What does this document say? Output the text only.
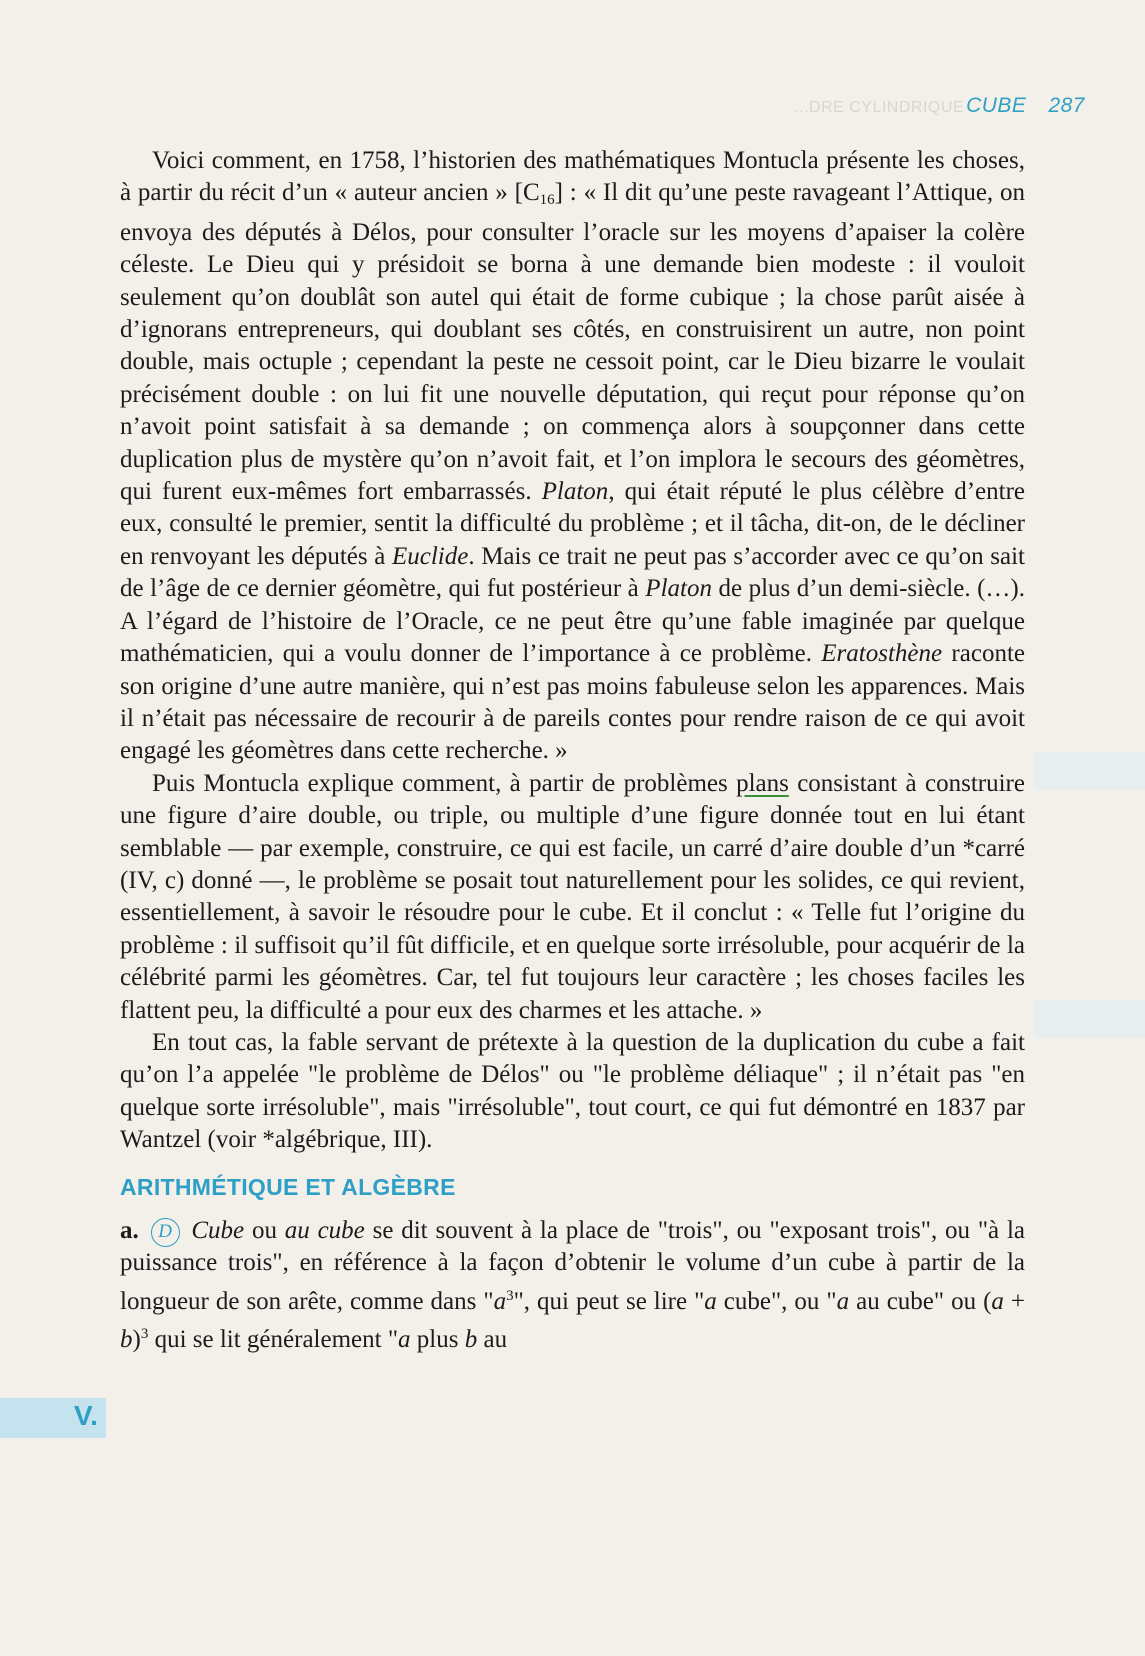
...DRE CYLINDRIQUECUBE 287

Voici comment, en 1758, l’historien des mathématiques Montucla présente les choses, à partir du récit d’un « auteur ancien » $[C_{16}]$ : « Il dit qu’une peste ravageant l’Attique, on envoya des députés à Délos, pour consulter l’oracle sur les moyens d’apaiser la colère céleste. Le Dieu qui y présidoit se borna à une demande bien modeste : il vouloit seulement qu’on doublât son autel qui était de forme cubique ; la chose parût aisée à d’ignorans entrepreneurs, qui doublant ses côtés, en construisirent un autre, non point double, mais octuple ; cependant la peste ne cessoit point, car le Dieu bizarre le voulait précisément double : on lui fit une nouvelle députation, qui reçut pour réponse qu’on n’avoit point satisfait à sa demande ; on commença alors à soupçonner dans cette duplication plus de mystère qu’on n’avoit fait, et l’on implora le secours des géomètres, qui furent eux-mêmes fort embarrassés. Platon, qui était réputé le plus célèbre d’entre eux, consulté le premier, sentit la difficulté du problème ; et il tâcha, dit-on, de le décliner en renvoyant les députés à Euclide. Mais ce trait ne peut pas s’accorder avec ce qu’on sait de l’âge de ce dernier géomètre, qui fut postérieur à Platon de plus d’un demi-siècle. (…). A l’égard de l’histoire de l’Oracle, ce ne peut être qu’une fable imaginée par quelque mathématicien, qui a voulu donner de l’importance à ce problème. Eratosthène raconte son origine d’une autre manière, qui n’est pas moins fabuleuse selon les apparences. Mais il n’était pas nécessaire de recourir à de pareils contes pour rendre raison de ce qui avoit engagé les géomètres dans cette recherche. »

Puis Montucla explique comment, à partir de problèmes plans consistant à construire une figure d’aire double, ou triple, ou multiple d’une figure donnée tout en lui étant semblable — par exemple, construire, ce qui est facile, un carré d’aire double d’un *carré (IV, c) donné —, le problème se posait tout naturellement pour les solides, ce qui revient, essentiellement, à savoir le résoudre pour le cube. Et il conclut : « Telle fut l’origine du problème : il suffisoit qu’il fût difficile, et en quelque sorte irrésoluble, pour acquérir de la célébrité parmi les géomètres. Car, tel fut toujours leur caractère ; les choses faciles les flattent peu, la difficulté a pour eux des charmes et les attache. »

En tout cas, la fable servant de prétexte à la question de la duplication du cube a fait qu’on l’a appelée "le problème de Délos" ou "le problème déliaque" ; il n’était pas "en quelque sorte irrésoluble", mais "irrésoluble", tout court, ce qui fut démontré en 1837 par Wantzel (voir *algébrique, III).

ARITHMÉTIQUE ET ALGÈBRE

a. D Cube ou au cube se dit souvent à la place de "trois", ou "exposant trois", ou "à la puissance trois", en référence à la façon d’obtenir le volume d’un cube à partir de la longueur de son arête, comme dans "$a^3$", qui peut se lire "a cube", ou "a au cube" ou $(a + b)^3$ qui se lit généralement "a plus b au

V.
